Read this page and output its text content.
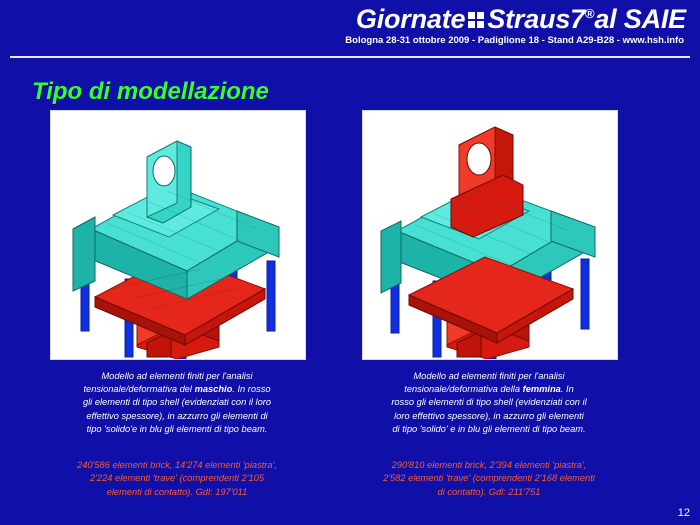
Giornate Straus7®al SAIE
Bologna 28-31 ottobre 2009 - Padiglione 18 - Stand A29-B28 - www.hsh.info
Tipo di modellazione
Modello ad elementi finiti per l'analisi
tensionale/deformativa del maschio. In rosso
gli elementi di tipo shell (evidenziati con il loro
effettivo spessore), in azzurro gli elementi di
tipo 'solido'e in blu gli elementi di tipo beam.
Modello ad elementi finiti per l'analisi
tensionale/deformativa della femmina. In
rosso gli elementi di tipo shell (evidenziati con il
loro effettivo spessore), in azzurro gli elementi
di tipo 'solido' e in blu gli elementi di tipo beam.
240'586 elementi brick, 14'274 elementi 'piastra',
2'224 elementi 'trave' (comprendenti 2'105
elementi di contatto). Gdl: 197'011
290'810 elementi brick, 2'394 elementi 'piastra',
2'582 elementi 'trave' (comprendenti 2'168 elementi
di contatto). Gdl: 211'751
12
